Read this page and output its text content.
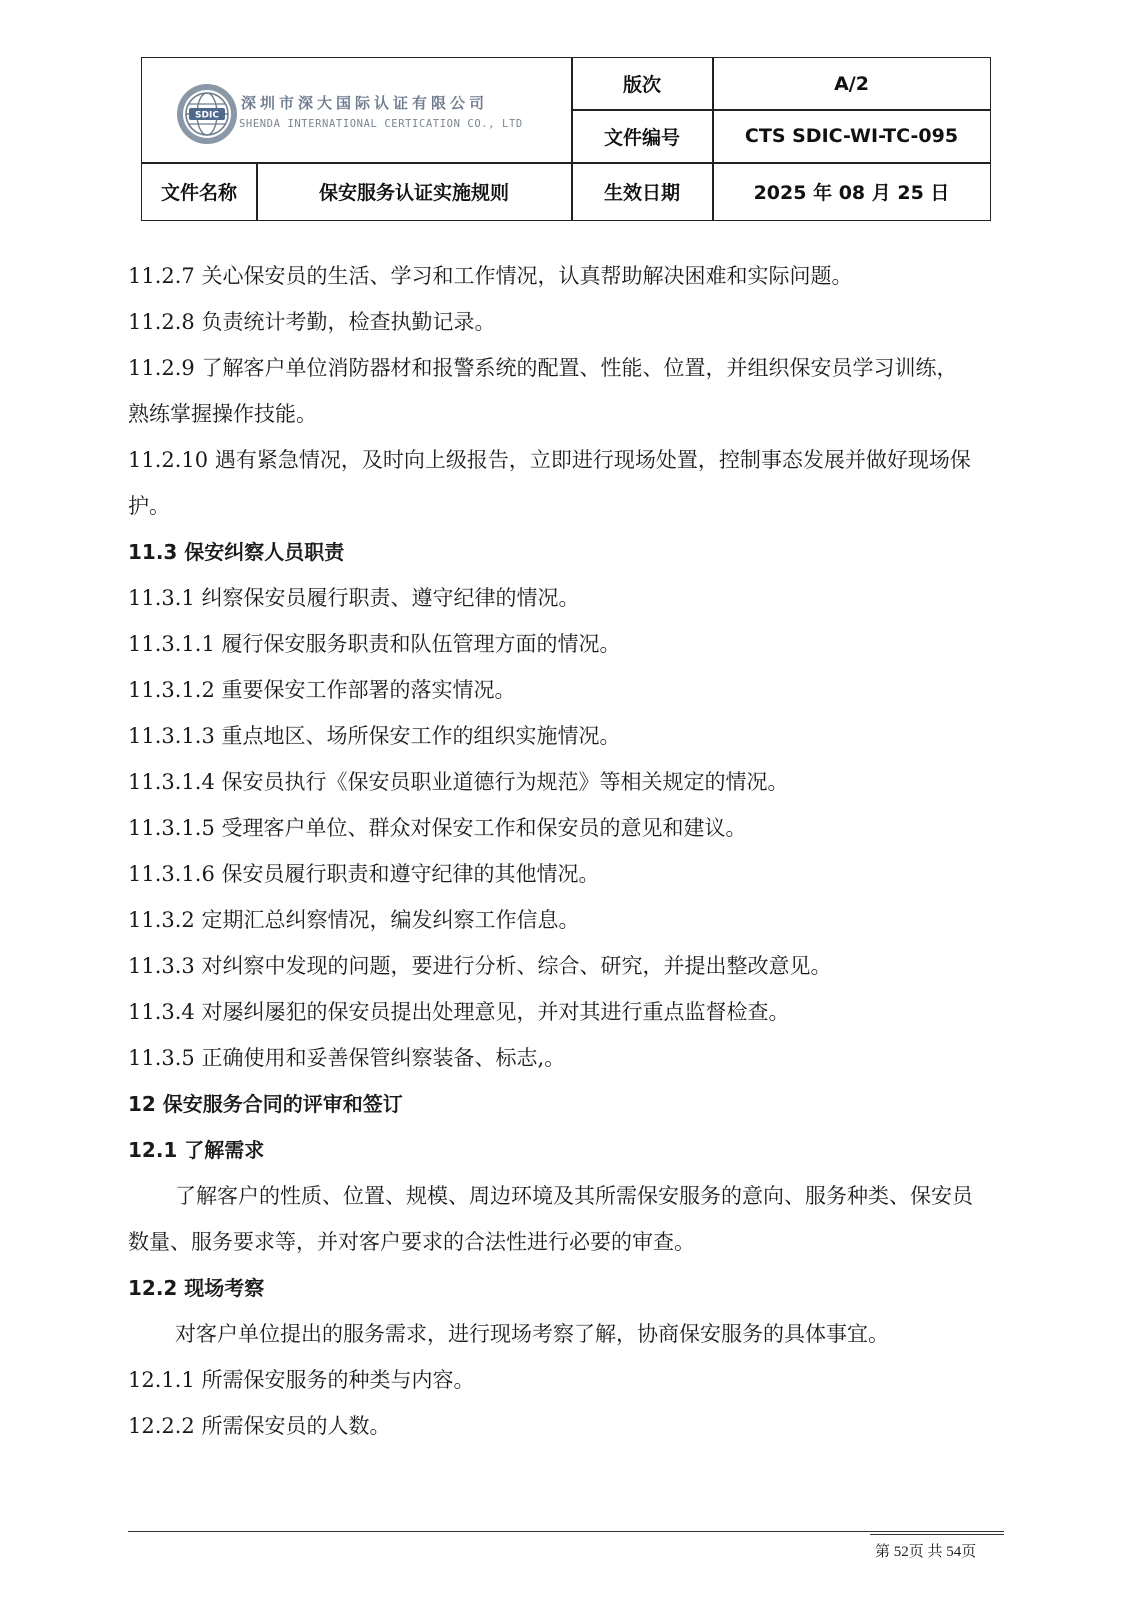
SDIC
深圳市深大国际认证有限公司
SHENDA INTERNATIONAL CERTICATION CO., LTD
版次	A/2
文件编号	CTS SDIC-WI-TC-095
文件名称	保安服务认证实施规则	生效日期	2025 年 08 月 25 日
11.2.7 关心保安员的生活、学习和工作情况，认真帮助解决困难和实际问题。
11.2.8 负责统计考勤，检查执勤记录。
11.2.9 了解客户单位消防器材和报警系统的配置、性能、位置，并组织保安员学习训练，
熟练掌握操作技能。
11.2.10 遇有紧急情况，及时向上级报告，立即进行现场处置，控制事态发展并做好现场保
护。
11.3 保安纠察人员职责
11.3.1 纠察保安员履行职责、遵守纪律的情况。
11.3.1.1 履行保安服务职责和队伍管理方面的情况。
11.3.1.2 重要保安工作部署的落实情况。
11.3.1.3 重点地区、场所保安工作的组织实施情况。
11.3.1.4 保安员执行《保安员职业道德行为规范》等相关规定的情况。
11.3.1.5 受理客户单位、群众对保安工作和保安员的意见和建议。
11.3.1.6 保安员履行职责和遵守纪律的其他情况。
11.3.2 定期汇总纠察情况，编发纠察工作信息。
11.3.3 对纠察中发现的问题，要进行分析、综合、研究，并提出整改意见。
11.3.4 对屡纠屡犯的保安员提出处理意见，并对其进行重点监督检查。
11.3.5 正确使用和妥善保管纠察装备、标志,。
12 保安服务合同的评审和签订
12.1 了解需求
了解客户的性质、位置、规模、周边环境及其所需保安服务的意向、服务种类、保安员
数量、服务要求等，并对客户要求的合法性进行必要的审查。
12.2 现场考察
对客户单位提出的服务需求，进行现场考察了解，协商保安服务的具体事宜。
12.1.1 所需保安服务的种类与内容。
12.2.2 所需保安员的人数。
第 52页 共 54页
